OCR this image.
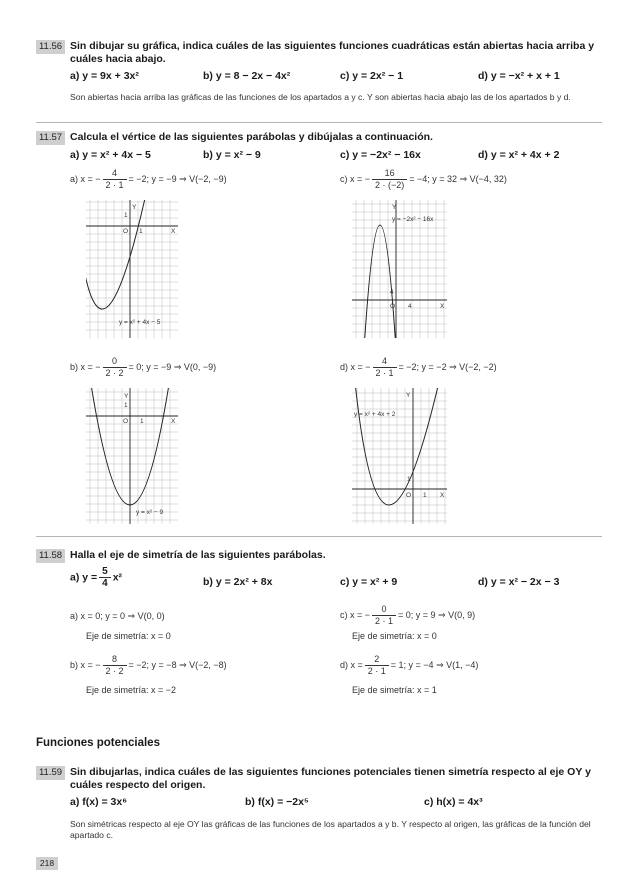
11.56 Sin dibujar su gráfica, indica cuáles de las siguientes funciones cuadráticas están abiertas hacia arriba y cuáles hacia abajo.
a) y = 9x + 3x²	b) y = 8 − 2x − 4x²	c) y = 2x² − 1	d) y = −x² + x + 1
Son abiertas hacia arriba las gráficas de las funciones de los apartados a y c. Y son abiertas hacia abajo las de los apartados b y d.
11.57 Calcula el vértice de las siguientes parábolas y dibújalas a continuación.
a) y = x² + 4x − 5	b) y = x² − 9	c) y = −2x² − 16x	d) y = x² + 4x + 2
a) x = − $\frac{4}{2 \cdot 1} = -2$; y = −9 ⇒ V(−2, −9)	c) x = − $\frac{16}{2 \cdot (-2)} = -4$; y = 32 ⇒ V(−4, 32)
Y
X
O 1
1
y = x² + 4x − 5
Y
X
O 4
4
y = −2x² − 16x
b) x = − $\frac{0}{2 \cdot 2} = 0$; y = −9 ⇒ V(0, −9)	d) x = − $\frac{4}{2 \cdot 1} = -2$; y = −2 ⇒ V(−2, −2)
Y
X
O 1
1
y = x² − 9
Y
X
O 1
1
y = x² + 4x + 2
11.58 Halla el eje de simetría de las siguientes parábolas.
a) $y = \frac{5}{4} x^2$	b) y = 2x² + 8x	c) y = x² + 9	d) y = x² − 2x − 3
a) x = 0; y = 0 ⇒ V(0, 0)
Eje de simetría: x = 0
c) x = − $\frac{0}{2 \cdot 1} = 0$; y = 9 ⇒ V(0, 9)
Eje de simetría: x = 0
b) x = − $\frac{8}{2 \cdot 2} = -2$; y = −8 ⇒ V(−2, −8)
Eje de simetría: x = −2
d) $x = \frac{2}{2 \cdot 1} = 1$; y = −4 ⇒ V(1, −4)
Eje de simetría: x = 1
Funciones potenciales
11.59 Sin dibujarlas, indica cuáles de las siguientes funciones potenciales tienen simetría respecto al eje OY y cuáles respecto del origen.
a) f(x) = 3x⁶	b) f(x) = −2x⁵	c) h(x) = 4x³
Son simétricas respecto al eje OY las gráficas de las funciones de los apartados a y b. Y respecto al origen, las gráficas de la función del apartado c.
218
